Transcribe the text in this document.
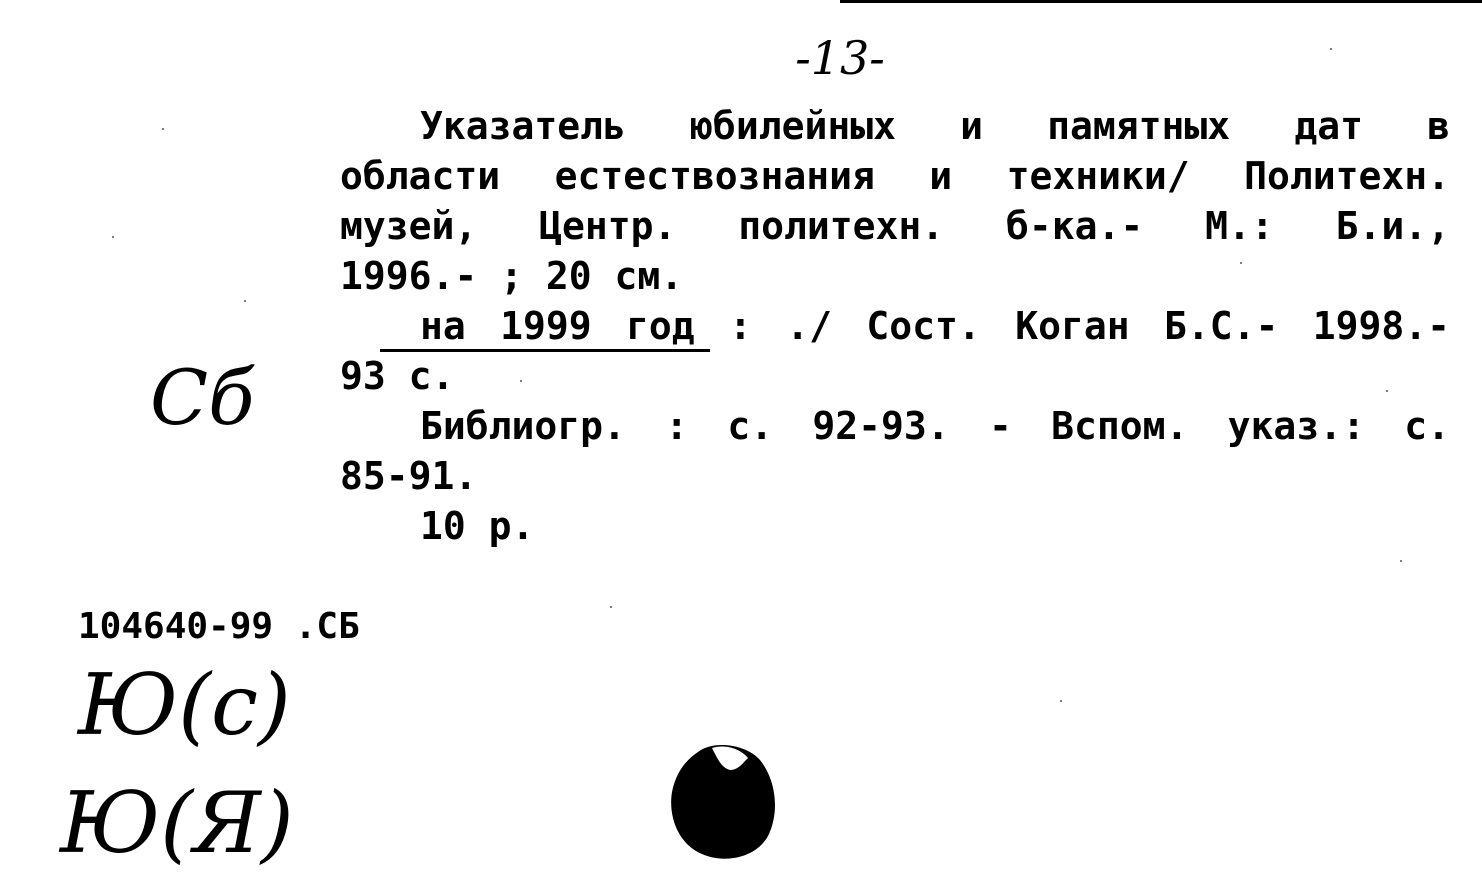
-13-
Указатель юбилейных и памятных дат в
области естествознания и техники/ Политехн.
музей, Центр. политехн. б-ка.- М.: Б.и.,
1996.- ; 20 см.
на 1999 год : ./ Сост. Коган Б.С.- 1998.-
93 с.
Библиогр. : с. 92-93. - Вспом. указ.: с.
85-91.
10 р.
104640-99 .СБ
Сб
Ю(с)
Ю(Я)
